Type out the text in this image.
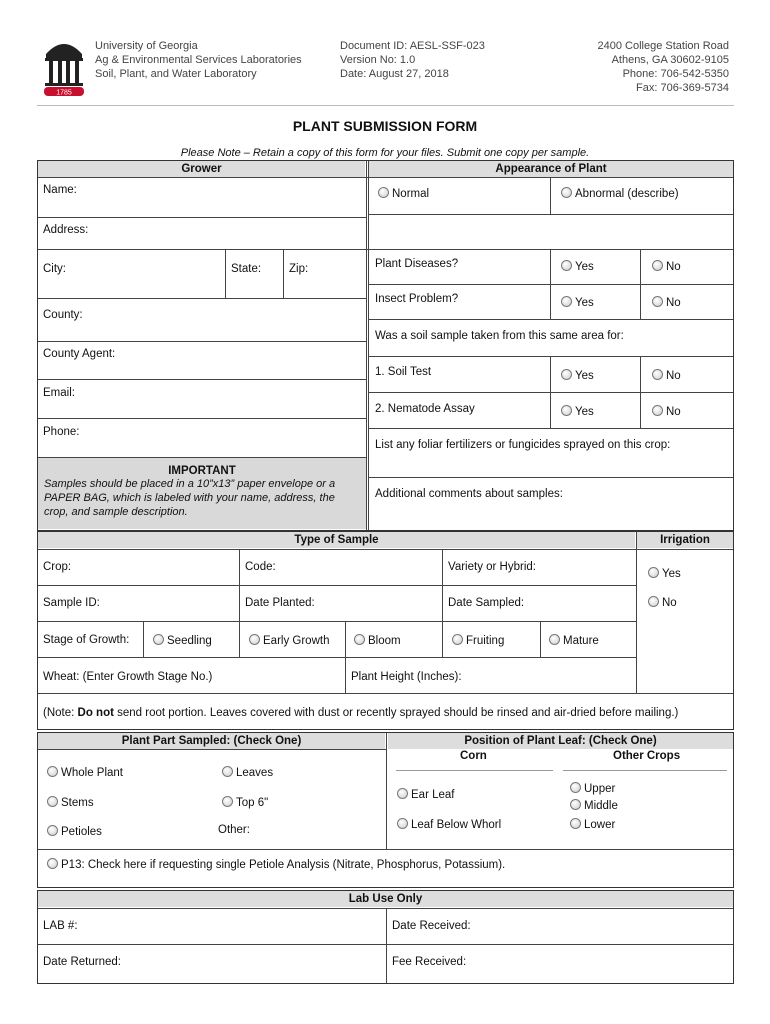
1785
University of Georgia
Ag & Environmental Services Laboratories
Soil, Plant, and Water Laboratory
Document ID: AESL-SSF-023
Version No: 1.0
Date: August 27, 2018
2400 College Station Road
Athens, GA 30602-9105
Phone: 706-542-5350
Fax: 706-369-5734
PLANT SUBMISSION FORM
Please Note – Retain a copy of this form for your files. Submit one copy per sample.
Grower	Appearance of Plant
Name:
Address:
City:	State: Zip:
County:
County Agent:
Email:
Phone:
IMPORTANT
Samples should be placed in a 10”x13” paper envelope or a PAPER BAG, which is labeled with your name, address, the crop, and sample description.
Normal	Abnormal (describe)
Plant Diseases?	Yes	No
Insect Problem?	Yes	No
Was a soil sample taken from this same area for:
1. Soil Test	Yes	No
2. Nematode Assay	Yes	No
List any foliar fertilizers or fungicides sprayed on this crop:
Additional comments about samples:
Type of Sample	Irrigation
Crop:	Code:	Variety or Hybrid:
Sample ID:	Date Planted:	Date Sampled:
Stage of Growth:	Seedling	Early Growth	Bloom	Fruiting	Mature
Wheat: (Enter Growth Stage No.)	Plant Height (Inches):
Yes
No
(Note: Do not send root portion. Leaves covered with dust or recently sprayed should be rinsed and air-dried before mailing.)
Plant Part Sampled: (Check One)	Position of Plant Leaf: (Check One)
Corn	Other Crops
Whole Plant	Leaves
Stems	Top 6"
Petioles	Other:
Ear Leaf
Leaf Below Whorl
Upper
Middle
Lower
P13: Check here if requesting single Petiole Analysis (Nitrate, Phosphorus, Potassium).
Lab Use Only
LAB #:	Date Received:
Date Returned:	Fee Received:
